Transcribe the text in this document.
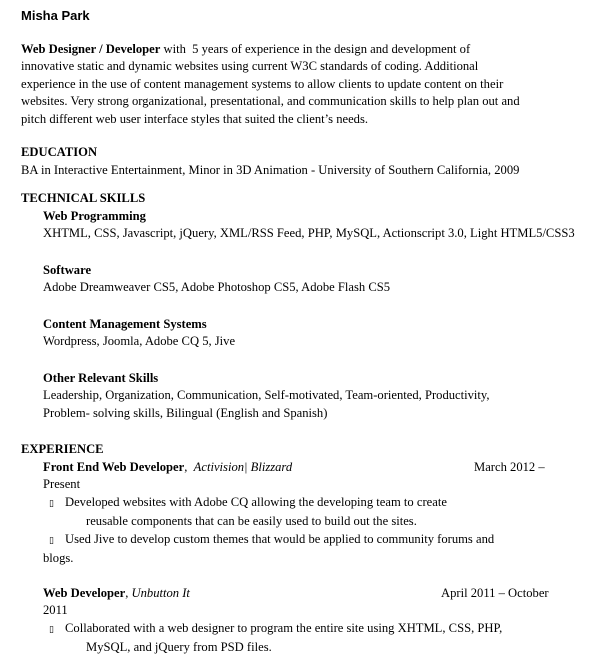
Misha Park
Web Designer / Developer with  5 years of experience in the design and development of
innovative static and dynamic websites using current W3C standards of coding. Additional
experience in the use of content management systems to allow clients to update content on their
websites. Very strong organizational, presentational, and communication skills to help plan out and
pitch different web user interface styles that suited the client’s needs.
EDUCATION
BA in Interactive Entertainment, Minor in 3D Animation - University of Southern California, 2009
TECHNICAL SKILLS
Web Programming
XHTML, CSS, Javascript, jQuery, XML/RSS Feed, PHP, MySQL, Actionscript 3.0, Light HTML5/CSS3
Software
Adobe Dreamweaver CS5, Adobe Photoshop CS5, Adobe Flash CS5
Content Management Systems
Wordpress, Joomla, Adobe CQ 5, Jive
Other Relevant Skills
Leadership, Organization, Communication, Self-motivated, Team-oriented, Productivity,
Problem- solving skills, Bilingual (English and Spanish)
EXPERIENCE
Front End Web Developer,  Activision| Blizzard	March 2012 –
Present
▯ Developed websites with Adobe CQ allowing the developing team to create
reusable components that can be easily used to build out the sites.
▯ Used Jive to develop custom themes that would be applied to community forums and
blogs.
Web Developer, Unbutton It	April 2011 – October
2011
▯ Collaborated with a web designer to program the entire site using XHTML, CSS, PHP,
MySQL, and jQuery from PSD files.
